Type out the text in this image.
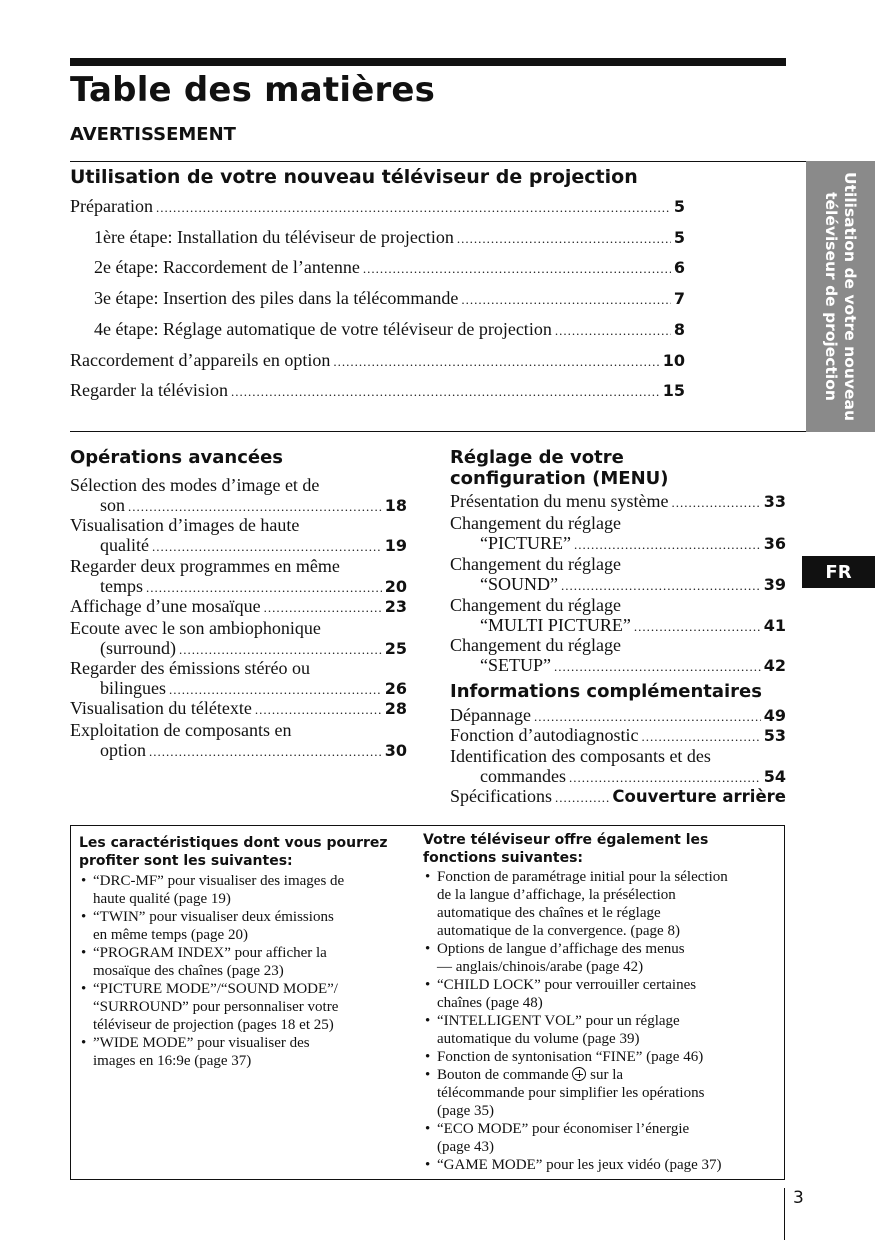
Table des matières
AVERTISSEMENT
Utilisation de votre nouveau
téléviseur de projection
FR
Utilisation de votre nouveau téléviseur de projection
Préparation .....	5
1ère étape: Installation du téléviseur de projection .....	5
2e étape: Raccordement de l’antenne .....	6
3e étape: Insertion des piles dans la télécommande .....	7
4e étape: Réglage automatique de votre téléviseur de projection .....	8
Raccordement d’appareils en option .....	10
Regarder la télévision .....	15
Opérations avancées
Sélection des modes d’image et de
son .....	18
Visualisation d’images de haute
qualité .....	19
Regarder deux programmes en même
temps .....	20
Affichage d’une mosaïque .....	23
Ecoute avec le son ambiophonique
(surround) .....	25
Regarder des émissions stéréo ou
bilingues .....	26
Visualisation du télétexte .....	28
Exploitation de composants en
option .....	30
Réglage de votre
configuration (MENU)
Présentation du menu système .....	33
Changement du réglage
“PICTURE” .....	36
Changement du réglage
“SOUND” .....	39
Changement du réglage
“MULTI PICTURE” .....	41
Changement du réglage
“SETUP” .....	42
Informations complémentaires
Dépannage .....	49
Fonction d’autodiagnostic .....	53
Identification des composants et des
commandes .....	54
Spécifications .....	Couverture arrière
Les caractéristiques dont vous pourrez
profiter sont les suivantes:
• “DRC-MF” pour visualiser des images de
haute qualité (page 19)
• “TWIN” pour visualiser deux émissions
en même temps (page 20)
• “PROGRAM INDEX” pour afficher la
mosaïque des chaînes (page 23)
• “PICTURE MODE”/“SOUND MODE”/
“SURROUND” pour personnaliser votre
téléviseur de projection (pages 18 et 25)
• ”WIDE MODE” pour visualiser des
images en 16:9e (page 37)
Votre téléviseur offre également les
fonctions suivantes:
• Fonction de paramétrage initial pour la sélection
de la langue d’affichage, la présélection
automatique des chaînes et le réglage
automatique de la convergence. (page 8)
• Options de langue d’affichage des menus
— anglais/chinois/arabe (page 42)
• “CHILD LOCK” pour verrouiller certaines
chaînes (page 48)
• “INTELLIGENT VOL” pour un réglage
automatique du volume (page 39)
• Fonction de syntonisation “FINE” (page 46)
• Bouton de commande sur la
télécommande pour simplifier les opérations
(page 35)
• “ECO MODE” pour économiser l’énergie
(page 43)
• “GAME MODE” pour les jeux vidéo (page 37)
3
